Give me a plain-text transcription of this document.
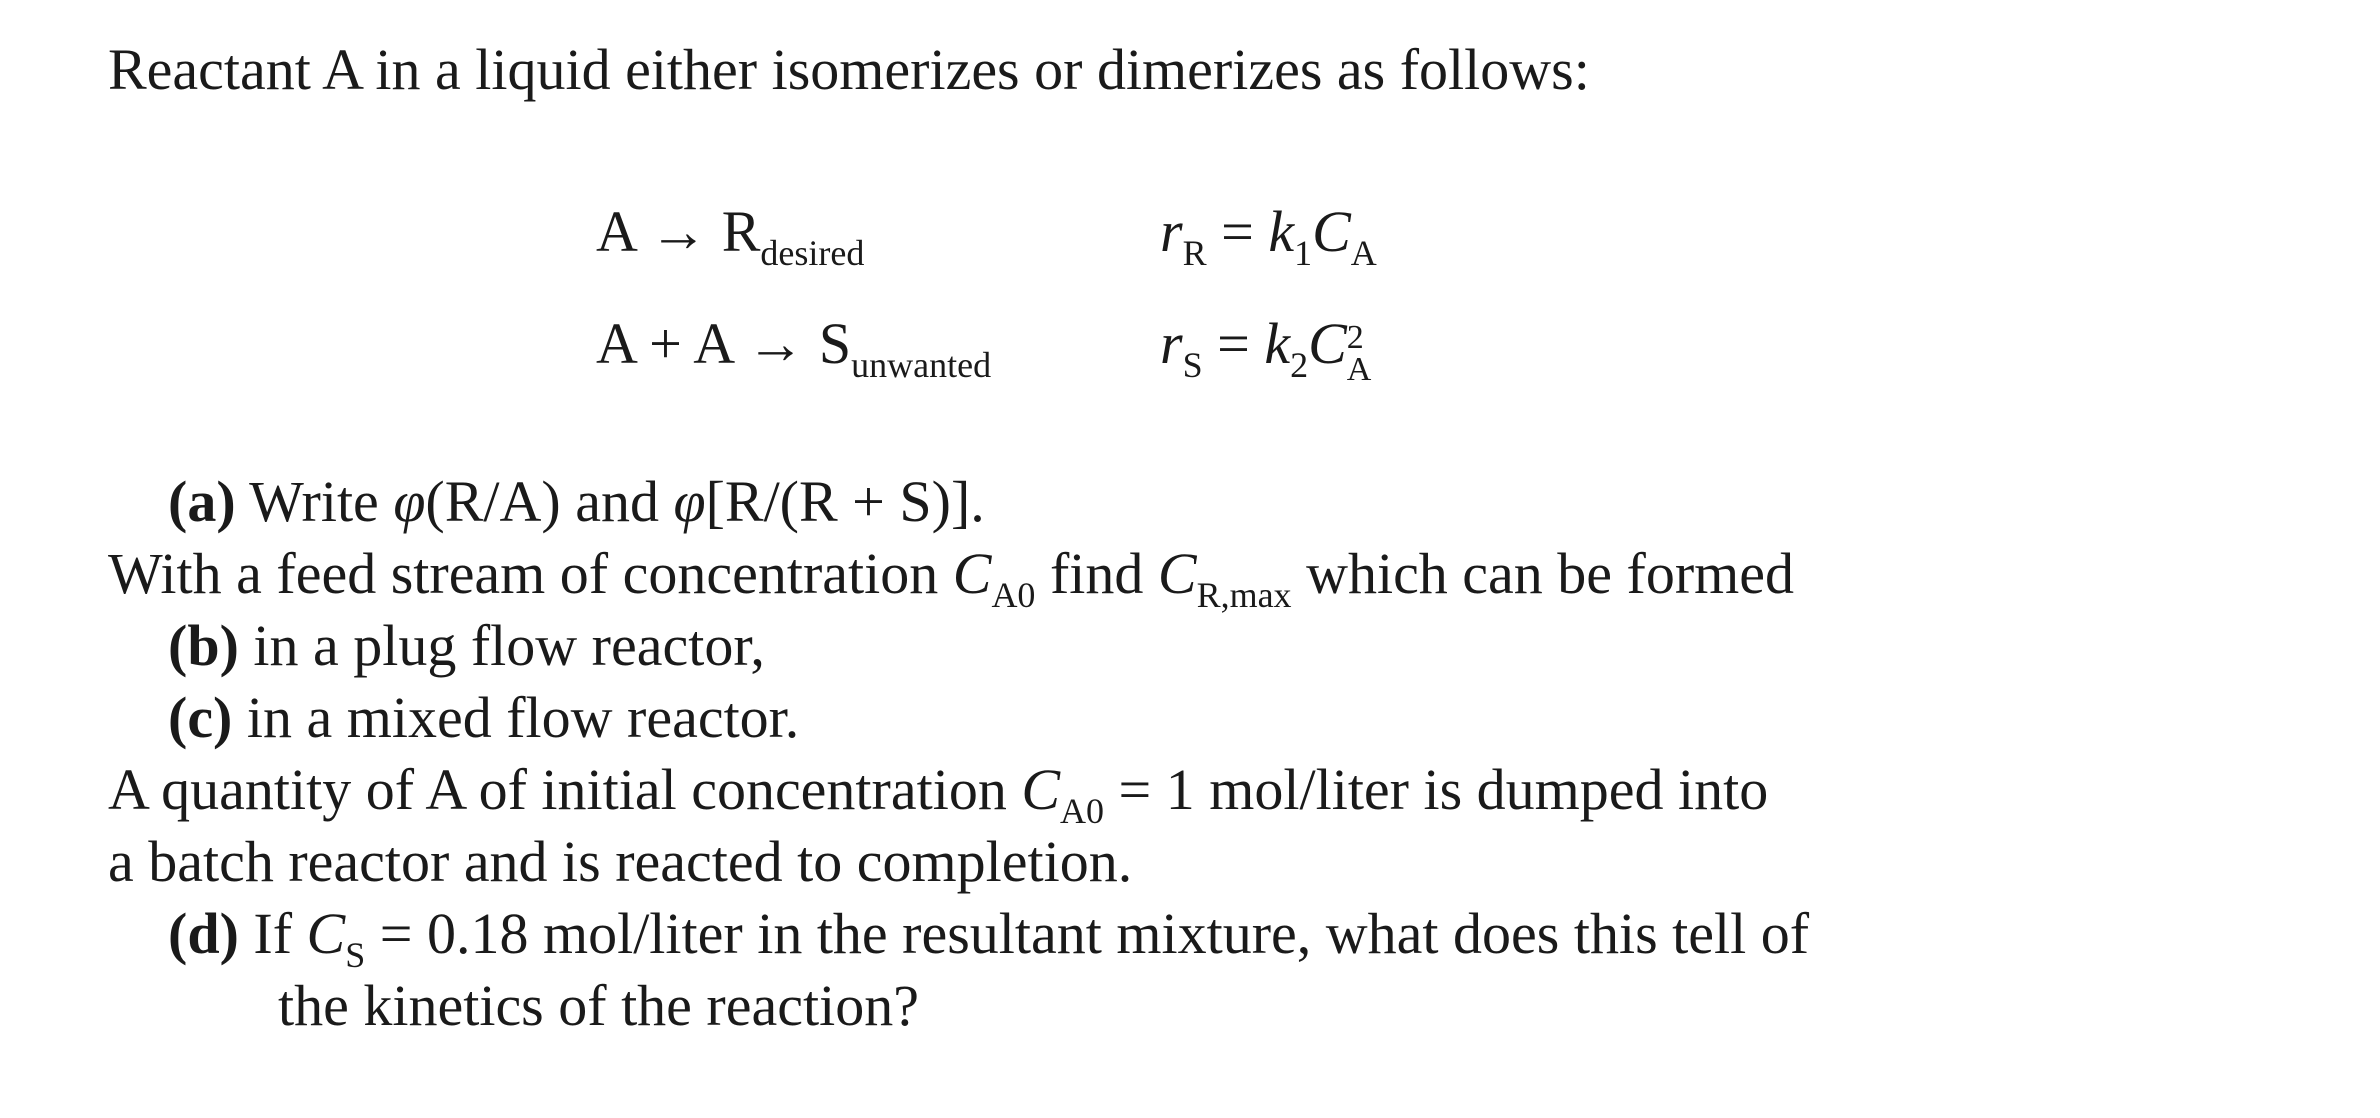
Reactant A in a liquid either isomerizes or dimerizes as follows:
$A \to R_{desired}$	$r_R = k_1C_A$
$A + A \to S_{unwanted}$	$r_S = k_2C$ 2
A
(a) Write φ(R/A) and φ[R/(R + S)].
With a feed stream of concentration $C_{A0}$ find $C_{R,max}$ which can be formed
(b) in a plug flow reactor,
(c) in a mixed flow reactor.
A quantity of A of initial concentration $C_{A0} = 1$ mol/liter is dumped into
a batch reactor and is reacted to completion.
(d) If $C_S = 0.18$ mol/liter in the resultant mixture, what does this tell of
the kinetics of the reaction?
